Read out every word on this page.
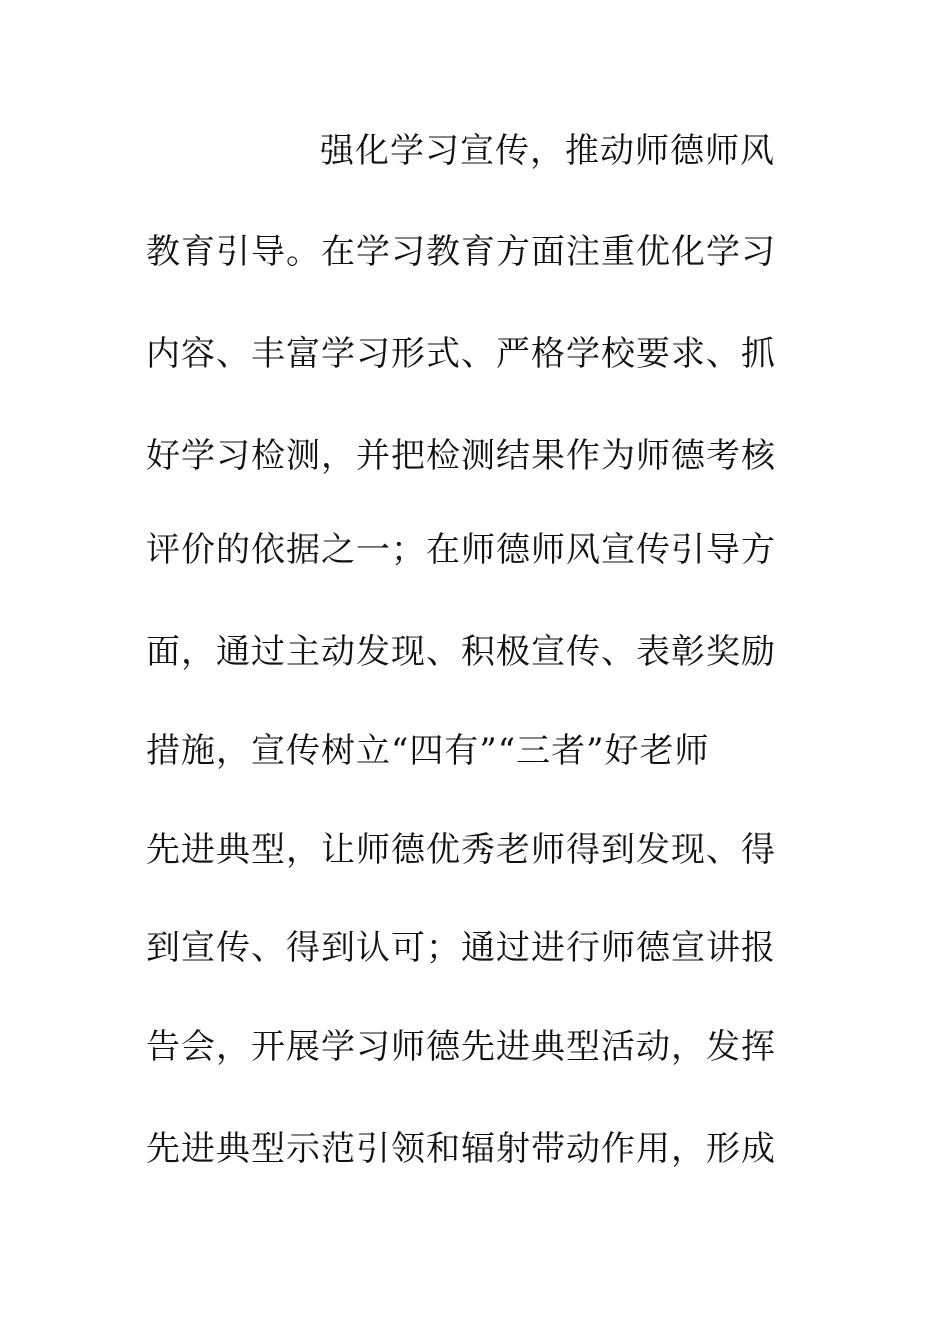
强化学习宣传，推动师德师风
教育引导。在学习教育方面注重优化学习
内容、丰富学习形式、严格学校要求、抓
好学习检测，并把检测结果作为师德考核
评价的依据之一；在师德师风宣传引导方
面，通过主动发现、积极宣传、表彰奖励
措施，宣传树立“四有”“三者”好老师
先进典型，让师德优秀老师得到发现、得
到宣传、得到认可；通过进行师德宣讲报
告会，开展学习师德先进典型活动，发挥
先进典型示范引领和辐射带动作用，形成
